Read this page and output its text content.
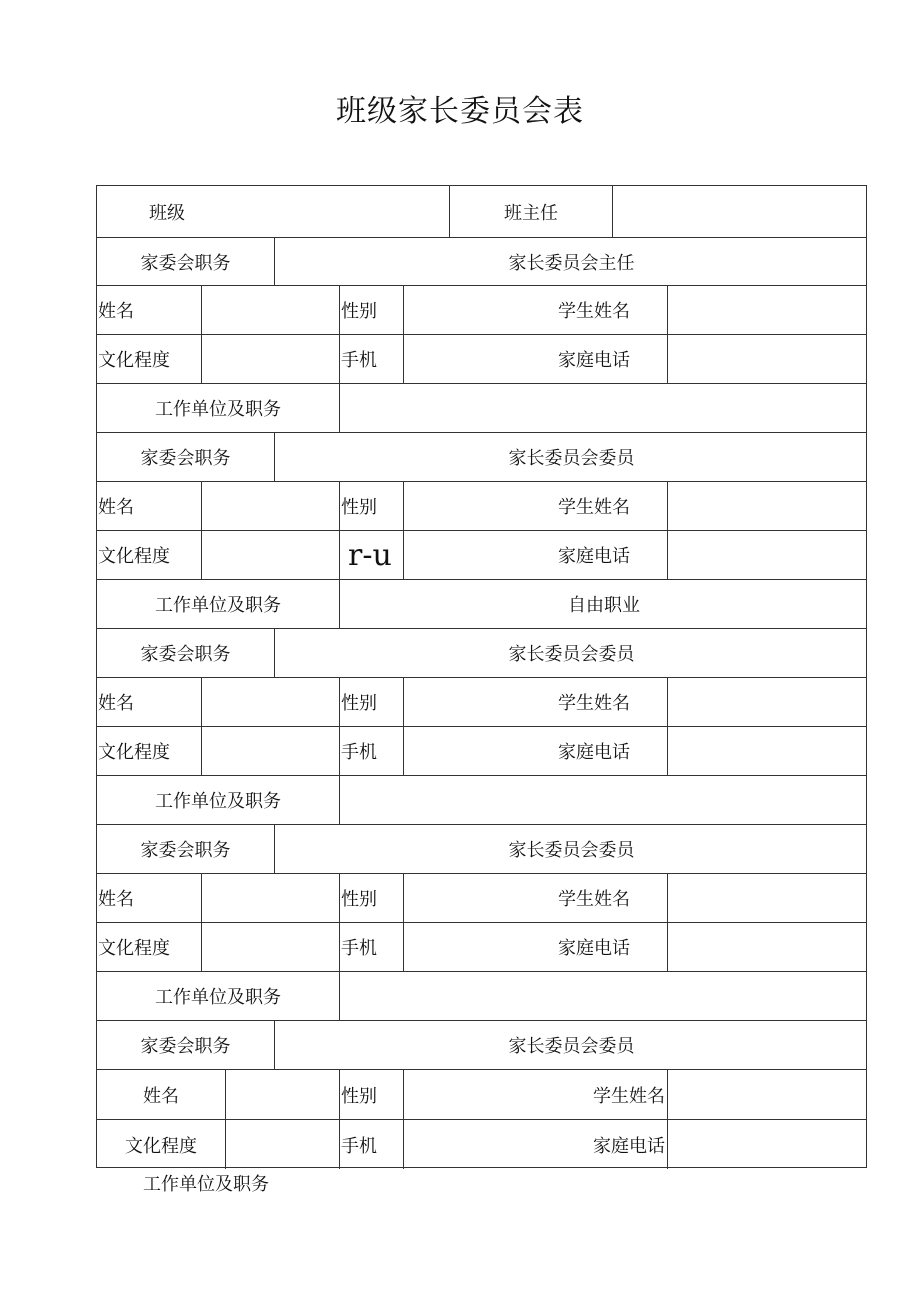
班级家长委员会表
班级	班主任
家委会职务	家长委员会主任
姓名	性别	学生姓名
文化程度	手机	家庭电话
工作单位及职务
家委会职务	家长委员会委员
姓名	性别	学生姓名
文化程度	r-u	家庭电话
工作单位及职务	自由职业
家委会职务	家长委员会委员
姓名	性别	学生姓名
文化程度	手机	家庭电话
工作单位及职务
家委会职务	家长委员会委员
姓名	性别	学生姓名
文化程度	手机	家庭电话
工作单位及职务
家委会职务	家长委员会委员
姓名	性别	学生姓名
文化程度	手机	家庭电话
工作单位及职务
